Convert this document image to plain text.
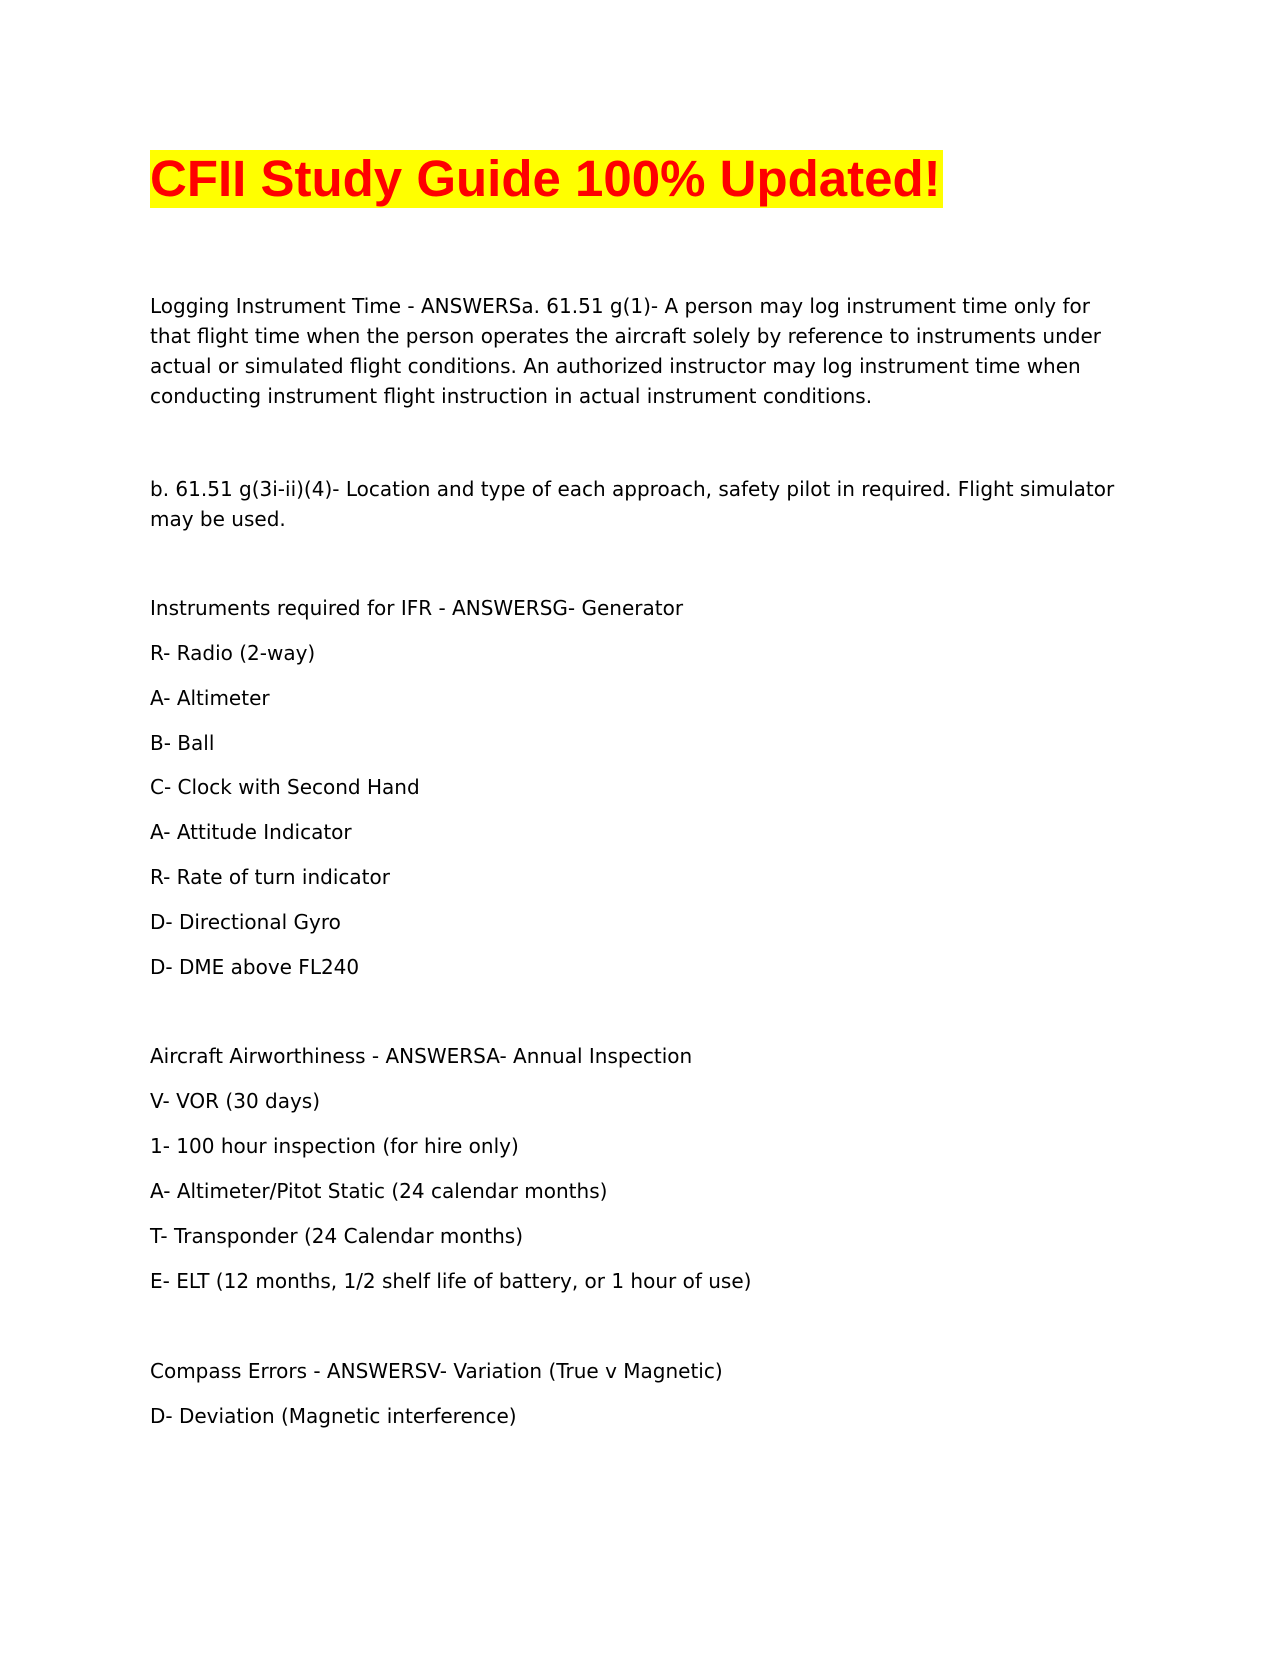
CFII Study Guide 100% Updated!

Logging Instrument Time - ANSWERSa. 61.51 g(1)- A person may log instrument time only for that flight time when the person operates the aircraft solely by reference to instruments under actual or simulated flight conditions. An authorized instructor may log instrument time when conducting instrument flight instruction in actual instrument conditions.

b. 61.51 g(3i-ii)(4)- Location and type of each approach, safety pilot in required. Flight simulator may be used.

Instruments required for IFR - ANSWERSG- Generator

R- Radio (2-way)

A- Altimeter

B- Ball

C- Clock with Second Hand

A- Attitude Indicator

R- Rate of turn indicator

D- Directional Gyro

D- DME above FL240

Aircraft Airworthiness - ANSWERSA- Annual Inspection

V- VOR (30 days)

1- 100 hour inspection (for hire only)

A- Altimeter/Pitot Static (24 calendar months)

T- Transponder (24 Calendar months)

E- ELT (12 months, 1/2 shelf life of battery, or 1 hour of use)

Compass Errors - ANSWERSV- Variation (True v Magnetic)

D- Deviation (Magnetic interference)
